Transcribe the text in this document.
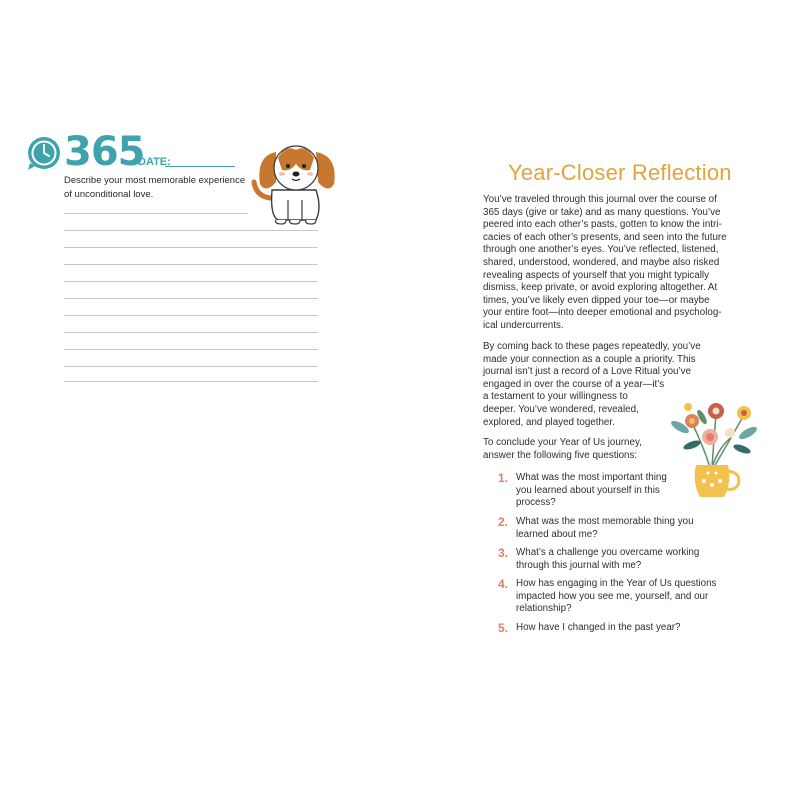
365
DATE:
Describe your most memorable experience
of unconditional love.
Year-Closer Reflection
You’ve traveled through this journal over the course of
365 days (give or take) and as many questions. You’ve
peered into each other’s pasts, gotten to know the intri-
cacies of each other’s presents, and seen into the future
through one another’s eyes. You’ve reflected, listened,
shared, understood, wondered, and maybe also risked
revealing aspects of yourself that you might typically
dismiss, keep private, or avoid exploring altogether. At
times, you’ve likely even dipped your toe—or maybe
your entire foot—into deeper emotional and psycholog-
ical undercurrents.
By coming back to these pages repeatedly, you’ve
made your connection as a couple a priority. This
journal isn’t just a record of a Love Ritual you’ve
engaged in over the course of a year—it’s
a testament to your willingness to
deeper. You’ve wondered, revealed,
explored, and played together.
To conclude your Year of Us journey,
answer the following five questions:
1. What was the most important thing
you learned about yourself in this
process?
2. What was the most memorable thing you
learned about me?
3. What’s a challenge you overcame working
through this journal with me?
4. How has engaging in the Year of Us questions
impacted how you see me, yourself, and our
relationship?
5. How have I changed in the past year?
